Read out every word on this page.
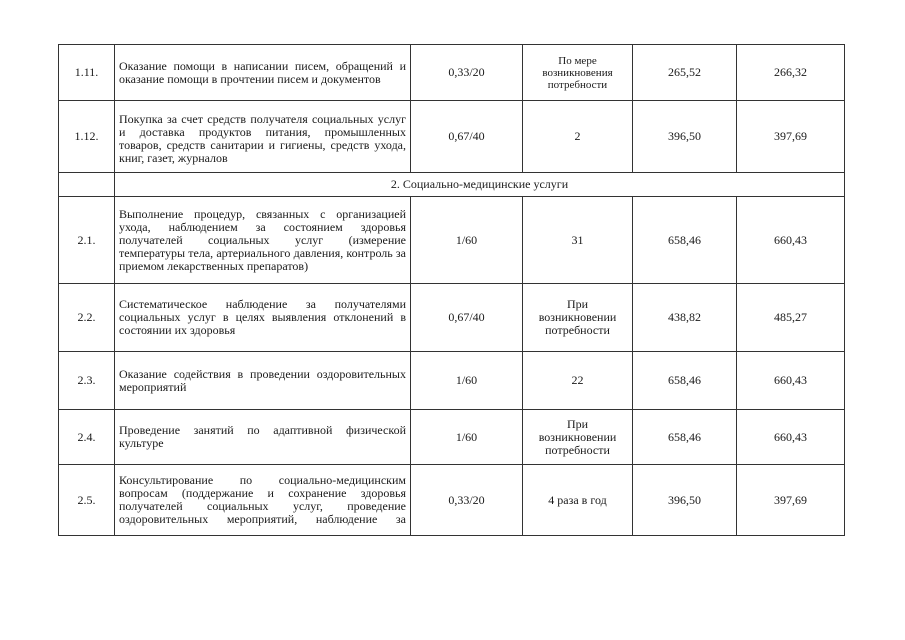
1.11.	Оказание помощи в написании писем, обращений и оказание помощи в прочтении писем и документов	0,33/20	По мере возникновения потребности	265,52	266,32
1.12.	Покупка за счет средств получателя социальных услуг и доставка продуктов питания, промышленных товаров, средств санитарии и гигиены, средств ухода, книг, газет, журналов	0,67/40	2	396,50	397,69
	2. Социально-медицинские услуги				
2.1.	Выполнение процедур, связанных с организацией ухода, наблюдением за состоянием здоровья получателей социальных услуг (измерение температуры тела, артериального давления, контроль за приемом лекарственных препаратов)	1/60	31	658,46	660,43
2.2.	Систематическое наблюдение за получателями социальных услуг в целях выявления отклонений в состоянии их здоровья	0,67/40	При возникновении потребности	438,82	485,27
2.3.	Оказание содействия в проведении оздоровительных мероприятий	1/60	22	658,46	660,43
2.4.	Проведение занятий по адаптивной физической культуре	1/60	При возникновении потребности	658,46	660,43
2.5.	Консультирование по социально-медицинским вопросам (поддержание и сохранение здоровья получателей социальных услуг, проведение оздоровительных мероприятий, наблюдение за	0,33/20	4 раза в год	396,50	397,69
